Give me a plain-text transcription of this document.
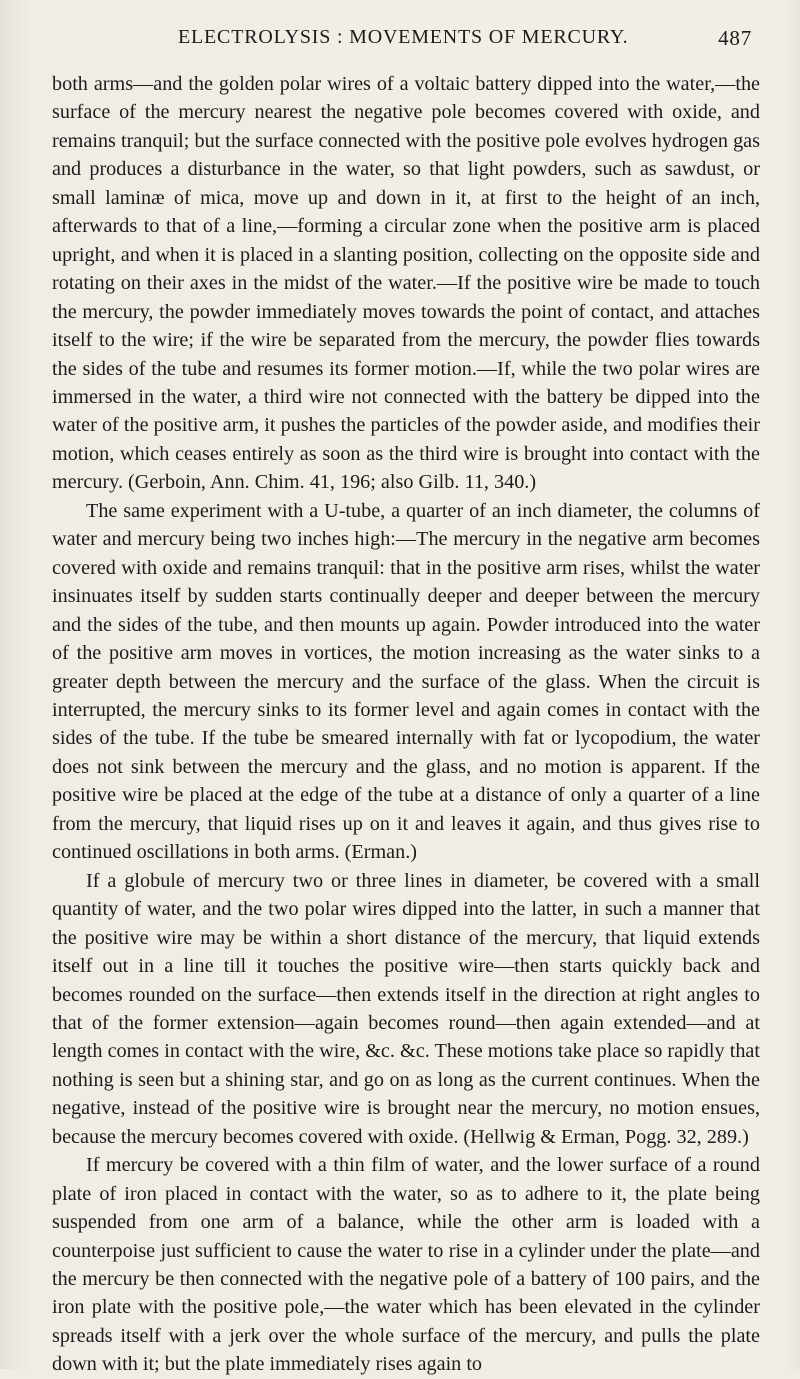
ELECTROLYSIS : MOVEMENTS OF MERCURY.	487

both arms—and the golden polar wires of a voltaic battery dipped into the water,—the surface of the mercury nearest the negative pole becomes covered with oxide, and remains tranquil; but the surface connected with the positive pole evolves hydrogen gas and produces a disturbance in the water, so that light powders, such as sawdust, or small laminæ of mica, move up and down in it, at first to the height of an inch, afterwards to that of a line,—forming a circular zone when the positive arm is placed upright, and when it is placed in a slanting position, collecting on the opposite side and rotating on their axes in the midst of the water.—If the positive wire be made to touch the mercury, the powder immediately moves towards the point of contact, and attaches itself to the wire; if the wire be separated from the mercury, the powder flies towards the sides of the tube and resumes its former motion.—If, while the two polar wires are immersed in the water, a third wire not connected with the battery be dipped into the water of the positive arm, it pushes the particles of the powder aside, and modifies their motion, which ceases entirely as soon as the third wire is brought into contact with the mercury. (Gerboin, Ann. Chim. 41, 196; also Gilb. 11, 340.)

The same experiment with a U-tube, a quarter of an inch diameter, the columns of water and mercury being two inches high:—The mercury in the negative arm becomes covered with oxide and remains tranquil: that in the positive arm rises, whilst the water insinuates itself by sudden starts continually deeper and deeper between the mercury and the sides of the tube, and then mounts up again. Powder introduced into the water of the positive arm moves in vortices, the motion increasing as the water sinks to a greater depth between the mercury and the surface of the glass. When the circuit is interrupted, the mercury sinks to its former level and again comes in contact with the sides of the tube. If the tube be smeared internally with fat or lycopodium, the water does not sink between the mercury and the glass, and no motion is apparent. If the positive wire be placed at the edge of the tube at a distance of only a quarter of a line from the mercury, that liquid rises up on it and leaves it again, and thus gives rise to continued oscillations in both arms. (Erman.)

If a globule of mercury two or three lines in diameter, be covered with a small quantity of water, and the two polar wires dipped into the latter, in such a manner that the positive wire may be within a short distance of the mercury, that liquid extends itself out in a line till it touches the positive wire—then starts quickly back and becomes rounded on the surface—then extends itself in the direction at right angles to that of the former extension—again becomes round—then again extended—and at length comes in contact with the wire, &c. &c. These motions take place so rapidly that nothing is seen but a shining star, and go on as long as the current continues. When the negative, instead of the positive wire is brought near the mercury, no motion ensues, because the mercury becomes covered with oxide. (Hellwig & Erman, Pogg. 32, 289.)

If mercury be covered with a thin film of water, and the lower surface of a round plate of iron placed in contact with the water, so as to adhere to it, the plate being suspended from one arm of a balance, while the other arm is loaded with a counterpoise just sufficient to cause the water to rise in a cylinder under the plate—and the mercury be then connected with the negative pole of a battery of 100 pairs, and the iron plate with the positive pole,—the water which has been elevated in the cylinder spreads itself with a jerk over the whole surface of the mercury, and pulls the plate down with it; but the plate immediately rises again to
